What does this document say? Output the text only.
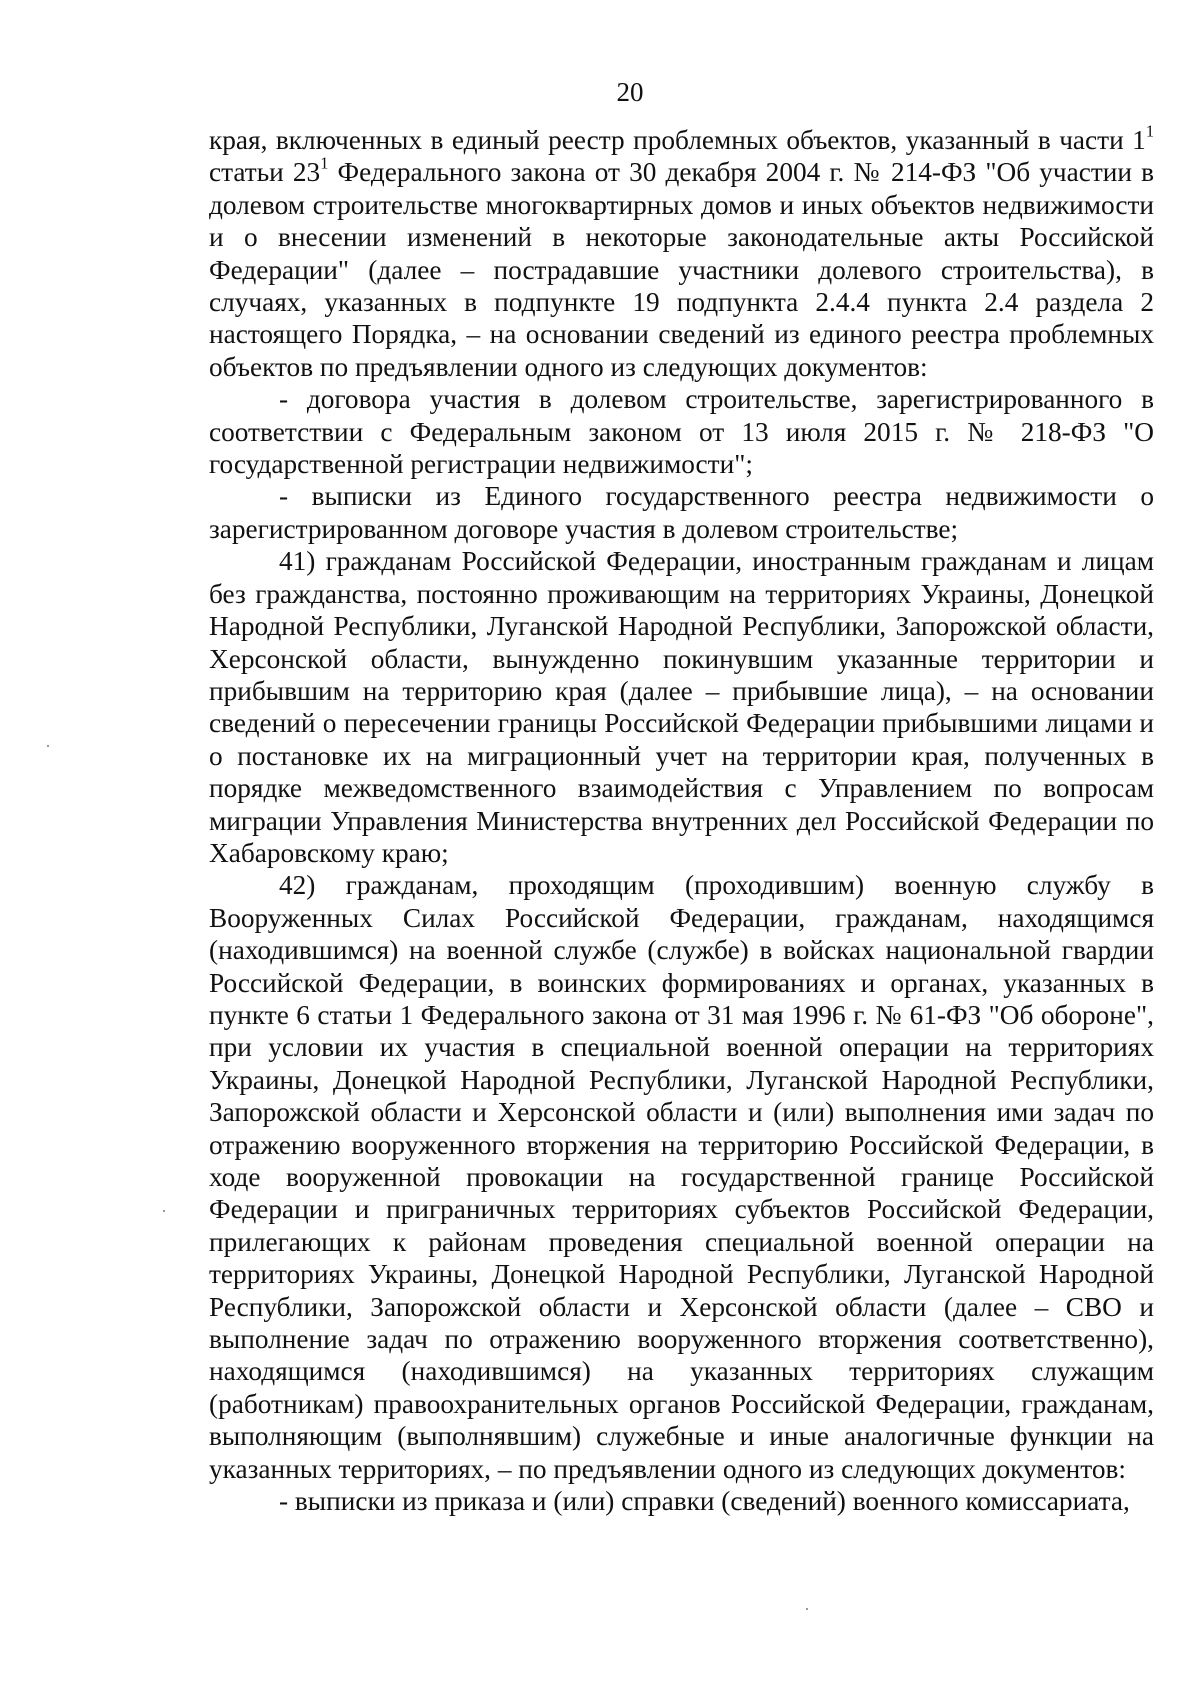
20

края, включенных в единый реестр проблемных объектов, указанный в части $1^1$ статьи $23^1$ Федерального закона от 30 декабря 2004 г. № 214-ФЗ "Об участии в долевом строительстве многоквартирных домов и иных объектов недвижимости и о внесении изменений в некоторые законодательные акты Российской Федерации" (далее – пострадавшие участники долевого строительства), в случаях, указанных в подпункте 19 подпункта 2.4.4 пункта 2.4 раздела 2 настоящего Порядка, – на основании сведений из единого реестра проблемных объектов по предъявлении одного из следующих документов:

- договора участия в долевом строительстве, зарегистрированного в соответствии с Федеральным законом от 13 июля 2015 г. № 218-ФЗ "О государственной регистрации недвижимости";

- выписки из Единого государственного реестра недвижимости о зарегистрированном договоре участия в долевом строительстве;

41) гражданам Российской Федерации, иностранным гражданам и лицам без гражданства, постоянно проживающим на территориях Украины, Донецкой Народной Республики, Луганской Народной Республики, Запорожской области, Херсонской области, вынужденно покинувшим указанные территории и прибывшим на территорию края (далее – прибывшие лица), – на основании сведений о пересечении границы Российской Федерации прибывшими лицами и о постановке их на миграционный учет на территории края, полученных в порядке межведомственного взаимодействия с Управлением по вопросам миграции Управления Министерства внутренних дел Российской Федерации по Хабаровскому краю;

42) гражданам, проходящим (проходившим) военную службу в Вооруженных Силах Российской Федерации, гражданам, находящимся (находившимся) на военной службе (службе) в войсках национальной гвардии Российской Федерации, в воинских формированиях и органах, указанных в пункте 6 статьи 1 Федерального закона от 31 мая 1996 г. № 61-ФЗ "Об обороне", при условии их участия в специальной военной операции на территориях Украины, Донецкой Народной Республики, Луганской Народной Республики, Запорожской области и Херсонской области и (или) выполнения ими задач по отражению вооруженного вторжения на территорию Российской Федерации, в ходе вооруженной провокации на государственной границе Российской Федерации и приграничных территориях субъектов Российской Федерации, прилегающих к районам проведения специальной военной операции на территориях Украины, Донецкой Народной Республики, Луганской Народной Республики, Запорожской области и Херсонской области (далее – СВО и выполнение задач по отражению вооруженного вторжения соответственно), находящимся (находившимся) на указанных территориях служащим (работникам) правоохранительных органов Российской Федерации, гражданам, выполняющим (выполнявшим) служебные и иные аналогичные функции на указанных территориях, – по предъявлении одного из следующих документов:

- выписки из приказа и (или) справки (сведений) военного комиссариата,
